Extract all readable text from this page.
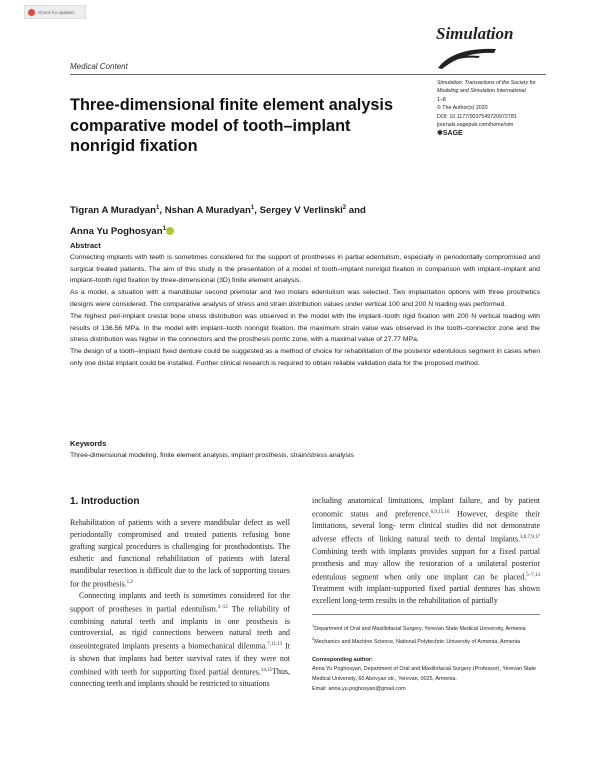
Check for updates
Simulation
Medical Content
Simulation: Transactions of the Society for Modeling and Simulation International
1–8
© The Author(s) 2020
DOI: 10.1177/0037549720972781
journals.sagepub.com/home/sim
✱SAGE
Three-dimensional finite element analysis comparative model of tooth–implant nonrigid fixation
Tigran A Muradyan$^1$, Nshan A Muradyan$^1$, Sergey V Verlinski$^2$ and
Anna Yu Poghosyan$^1$
Abstract

Connecting implants with teeth is sometimes considered for the support of prostheses in partial edentulism, especially in periodontally compromised and surgical treated patients. The aim of this study is the presentation of a model of tooth–implant nonrigid fixation in comparison with implant–implant and implant–tooth rigid fixation by three-dimensional (3D) finite element analysis.

As a model, a situation with a mandibular second premolar and two molars edentulism was selected. Two implantation options with three prosthetics designs were considered. The comparative analysis of stress and strain distribution values under vertical 100 and 200 N loading was performed.

The highest peri-implant crestal bone stress distribution was observed in the model with the implant–tooth rigid fixation with 200 N vertical loading with results of 136.56 MPa. In the model with implant–tooth nonrigid fixation, the maximum strain value was observed in the tooth–connector zone and the stress distribution was higher in the connectors and the prosthesis pontic zone, with a maximal value of 27.77 MPa.

The design of a tooth–implant fixed denture could be suggested as a method of choice for rehabilitation of the posterior edentulous segment in cases when only one distal implant could be installed. Further clinical research is required to obtain reliable validation data for the proposed method.

Keywords
Three-dimensional modeling, finite element analysis, implant prosthesis, strain/stress analysis
1. Introduction

Rehabilitation of patients with a severe mandibular defect as well periodontally compromised and treated patients refusing bone grafting surgical procedures is challenging for prosthodontists. The esthetic and functional rehabilitation of patients with lateral mandibular resection is difficult due to the lack of supporting tissues for the prosthesis.$^{1,2}$

Connecting implants and teeth is sometimes considered for the support of prostheses in partial edentulism.$^{3-12}$ The reliability of combining natural teeth and implants in one prosthesis is controversial, as rigid connections between natural teeth and osseointegrated implants presents a biomechanical dilemma.$^{7,11,13}$ It is shown that implants had better survival rates if they were not combined with teeth for supporting fixed partial dentures.$^{14,15}$Thus, connecting teeth and implants should be restricted to situations

including anatomical limitations, implant failure, and by patient economic status and preference.$^{6,9,15,16}$ However, despite their limitations, several long- term clinical studies did not demonstrate adverse effects of linking natural teeth to dental implants.$^{3,6,7,9,17}$ Combining teeth with implants provides support for a fixed partial prosthesis and may allow the restoration of a unilateral posterior edentulous segment when only one implant can be placed.$^{5-7,13}$ Treatment with implant-supported fixed partial dentures has shown excellent long-term results in the rehabilitation of partially

$^1$Department of Oral and Maxillofacial Surgery, Yerevan State Medical University, Armenia
$^2$Mechanics and Machine Science, National Polytechnic University of Armenia, Armenia
Corresponding author:
Anna Yu Poghosyan, Department of Oral and Maxillofacial Surgery (Professor), Yerevan State Medical University, 60 Abovyan str., Yerevan, 0025, Armenia.
Email: anna.yu.poghosyan@gmail.com
